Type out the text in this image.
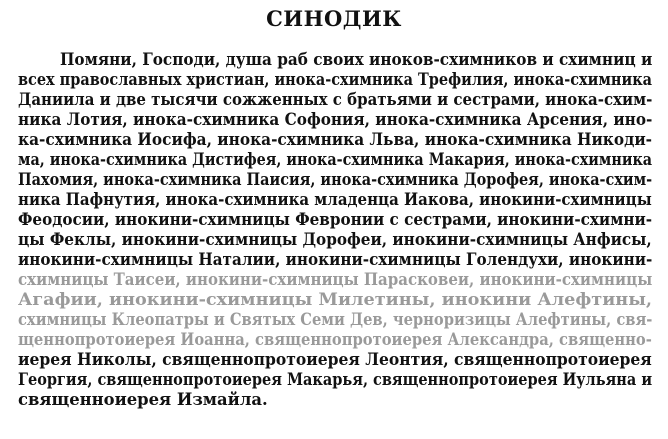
СИНОДИК
Помяни, Господи, душа раб своих иноков-схимников и схимниц и
всех православных христиан, инока-схимника Трефилия, инока-схимника
Даниила и две тысячи сожженных с братьями и сестрами, инока-схим-
ника Лотия, инока-схимника Софония, инока-схимника Арсения, ино-
ка-схимника Иосифа, инока-схимника Льва, инока-схимника Никоди-
ма, инока-схимника Дистифея, инока-схимника Макария, инока-схимника
Пахомия, инока-схимника Паисия, инока-схимника Дорофея, инока-схим-
ника Пафнутия, инока-схимника младенца Иакова, инокини-схимницы
Феодосии, инокини-схимницы Февронии с сестрами, инокини-схимни-
цы Феклы, инокини-схимницы Дорофеи, инокини-схимницы Анфисы,
инокини-схимницы Наталии, инокини-схимницы Голендухи, инокини-
схимницы Таисеи, инокини-схимницы Парасковеи, инокини-схимницы
Агафии, инокини-схимницы Милетины, инокини Алефтины,
схимницы Клеопатры и Святых Семи Дев, черноризицы Алефтины, свя-
щеннопротоиерея Иоанна, священнопротоиерея Александра, священно-
иерея Николы, священнопротоиерея Леонтия, священнопротоиерея
Георгия, священнопротоиерея Макарья, священнопротоиерея Иульяна и
священноиерея Измайла.
